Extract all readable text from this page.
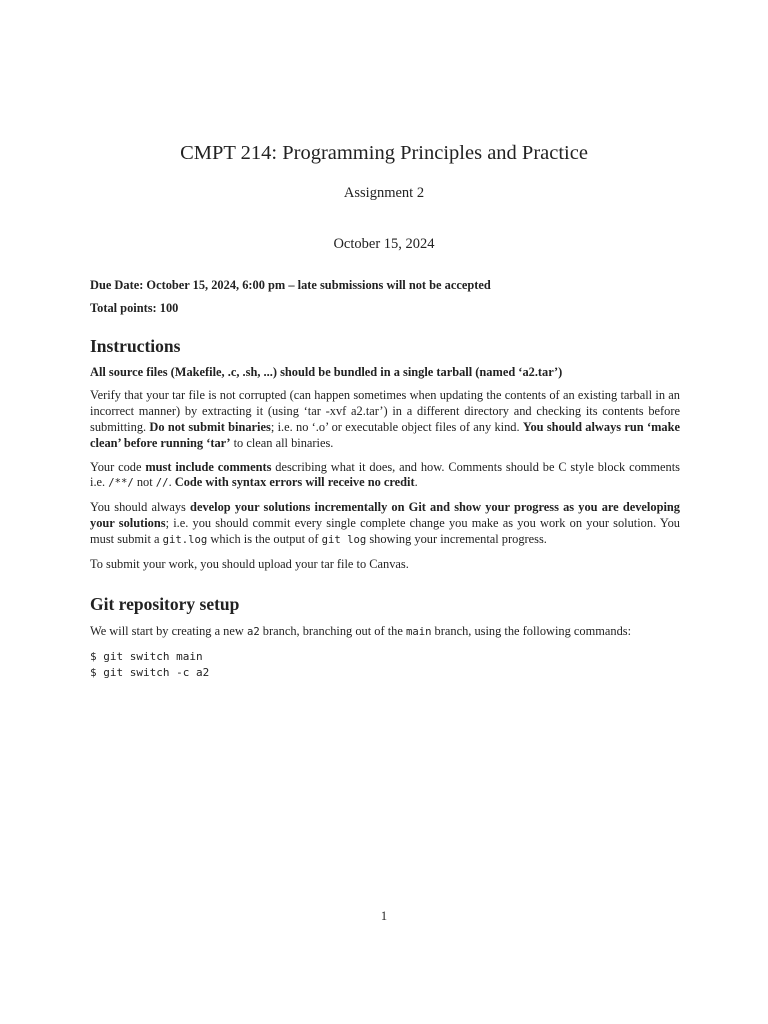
CMPT 214: Programming Principles and Practice
Assignment 2
October 15, 2024

Due Date: October 15, 2024, 6:00 pm – late submissions will not be accepted

Total points: 100

Instructions

All source files (Makefile, .c, .sh, ...) should be bundled in a single tarball (named ‘a2.tar’)

Verify that your tar file is not corrupted (can happen sometimes when updating the contents of an existing tarball in an incorrect manner) by extracting it (using ‘tar -xvf a2.tar’) in a different directory and checking its contents before submitting. Do not submit binaries; i.e. no ‘.o’ or executable object files of any kind. You should always run ‘make clean’ before running ‘tar’ to clean all binaries.

Your code must include comments describing what it does, and how. Comments should be C style block comments i.e. /**/ not //. Code with syntax errors will receive no credit.

You should always develop your solutions incrementally on Git and show your progress as you are developing your solutions; i.e. you should commit every single complete change you make as you work on your solution. You must submit a git.log which is the output of git log showing your incremental progress.

To submit your work, you should upload your tar file to Canvas.

Git repository setup

We will start by creating a new a2 branch, branching out of the main branch, using the following commands:

$ git switch main
$ git switch -c a2
1
